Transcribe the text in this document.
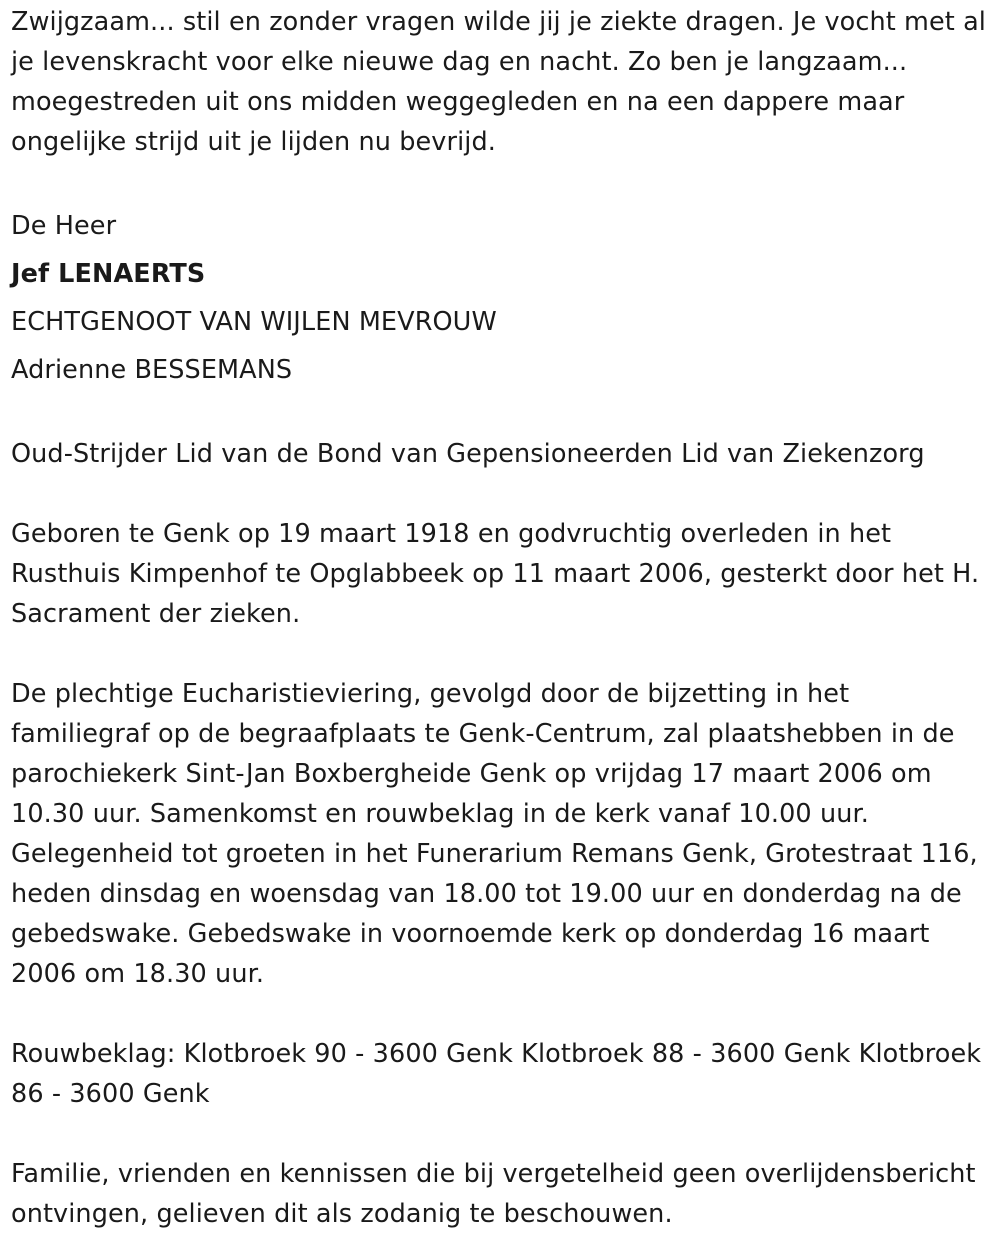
Zwijgzaam... stil en zonder vragen wilde jij je ziekte dragen. Je vocht met al je levenskracht voor elke nieuwe dag en nacht. Zo ben je langzaam... moegestreden uit ons midden weggegleden en na een dappere maar ongelijke strijd uit je lijden nu bevrijd.

De Heer

Jef LENAERTS

ECHTGENOOT VAN WIJLEN MEVROUW

Adrienne BESSEMANS

Oud-Strijder Lid van de Bond van Gepensioneerden Lid van Ziekenzorg

Geboren te Genk op 19 maart 1918 en godvruchtig overleden in het Rusthuis Kimpenhof te Opglabbeek op 11 maart 2006, gesterkt door het H. Sacrament der zieken.

De plechtige Eucharistieviering, gevolgd door de bijzetting in het familiegraf op de begraafplaats te Genk-Centrum, zal plaatshebben in de parochiekerk Sint-Jan Boxbergheide Genk op vrijdag 17 maart 2006 om 10.30 uur. Samenkomst en rouwbeklag in de kerk vanaf 10.00 uur. Gelegenheid tot groeten in het Funerarium Remans Genk, Grotestraat 116, heden dinsdag en woensdag van 18.00 tot 19.00 uur en donderdag na de gebedswake. Gebedswake in voornoemde kerk op donderdag 16 maart 2006 om 18.30 uur.

Rouwbeklag: Klotbroek 90 - 3600 Genk Klotbroek 88 - 3600 Genk Klotbroek 86 - 3600 Genk

Familie, vrienden en kennissen die bij vergetelheid geen overlijdensbericht ontvingen, gelieven dit als zodanig te beschouwen.
